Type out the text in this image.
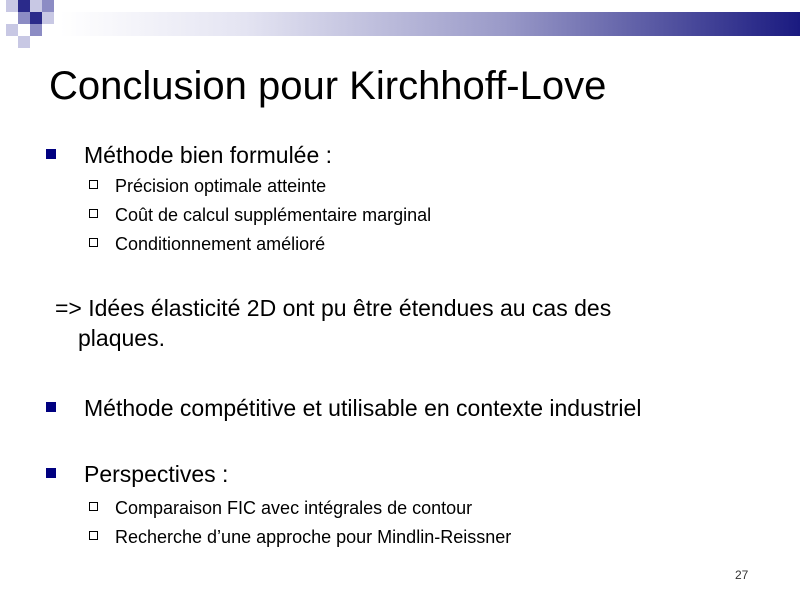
Conclusion pour Kirchhoff-Love
Méthode bien formulée :
Précision optimale atteinte
Coût de calcul supplémentaire marginal
Conditionnement amélioré
=> Idées élasticité 2D ont pu être étendues au cas des
plaques.
Méthode compétitive et utilisable en contexte industriel
Perspectives :
Comparaison FIC avec intégrales de contour
Recherche d’une approche pour Mindlin-Reissner
27
